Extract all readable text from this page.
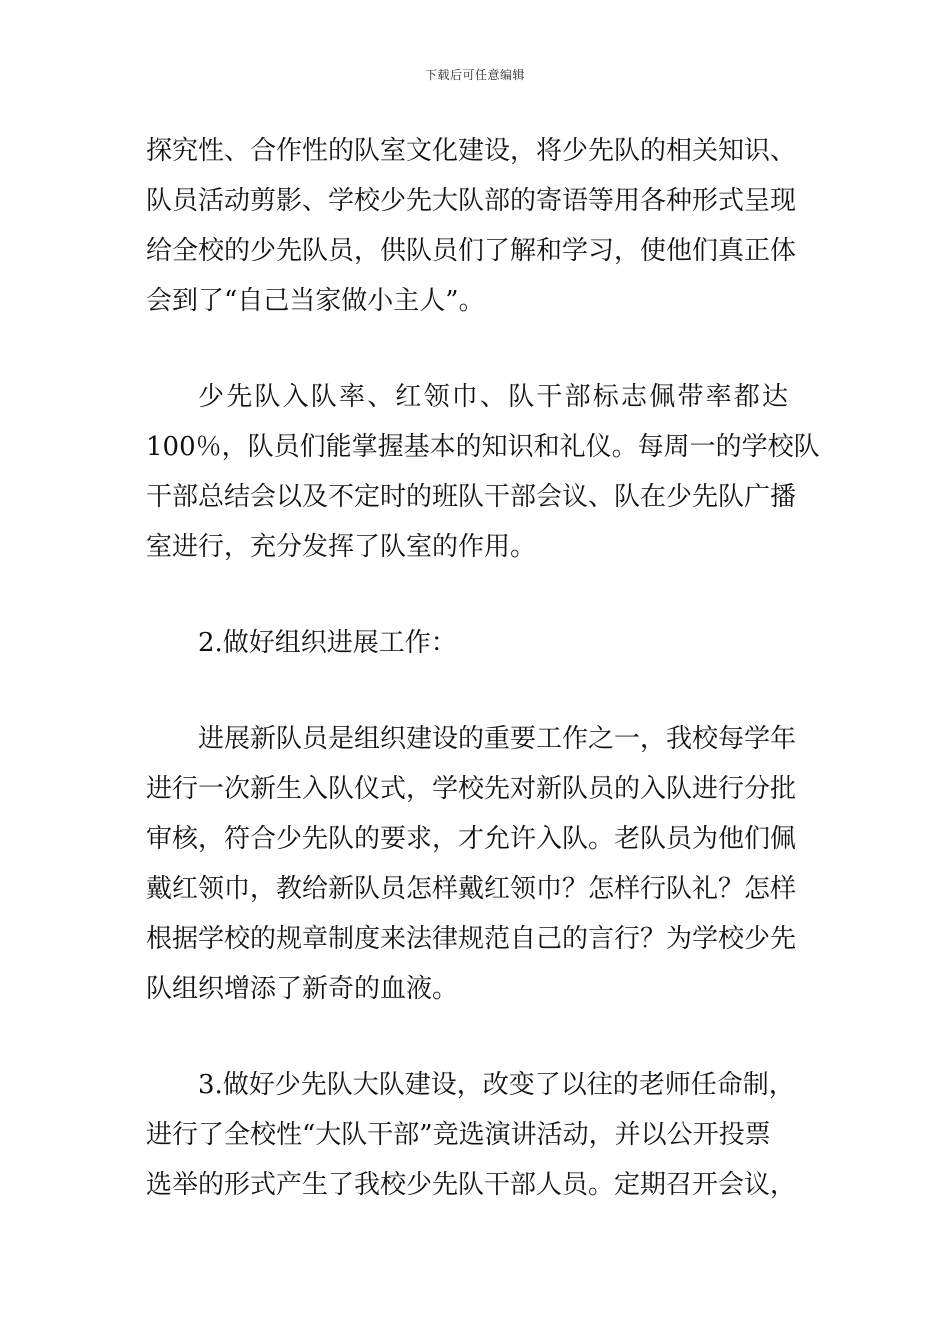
下载后可任意编辑

探究性、合作性的队室文化建设，将少先队的相关知识、
队员活动剪影、学校少先大队部的寄语等用各种形式呈现
给全校的少先队员，供队员们了解和学习，使他们真正体
会到了“自己当家做小主人”。

少先队入队率、红领巾、队干部标志佩带率都达
100％，队员们能掌握基本的知识和礼仪。每周一的学校队
干部总结会以及不定时的班队干部会议、队在少先队广播
室进行，充分发挥了队室的作用。

2.做好组织进展工作：

进展新队员是组织建设的重要工作之一，我校每学年
进行一次新生入队仪式，学校先对新队员的入队进行分批
审核，符合少先队的要求，才允许入队。老队员为他们佩
戴红领巾，教给新队员怎样戴红领巾？怎样行队礼？怎样
根据学校的规章制度来法律规范自己的言行？为学校少先
队组织增添了新奇的血液。

3.做好少先队大队建设，改变了以往的老师任命制，
进行了全校性“大队干部”竞选演讲活动，并以公开投票
选举的形式产生了我校少先队干部人员。定期召开会议，
